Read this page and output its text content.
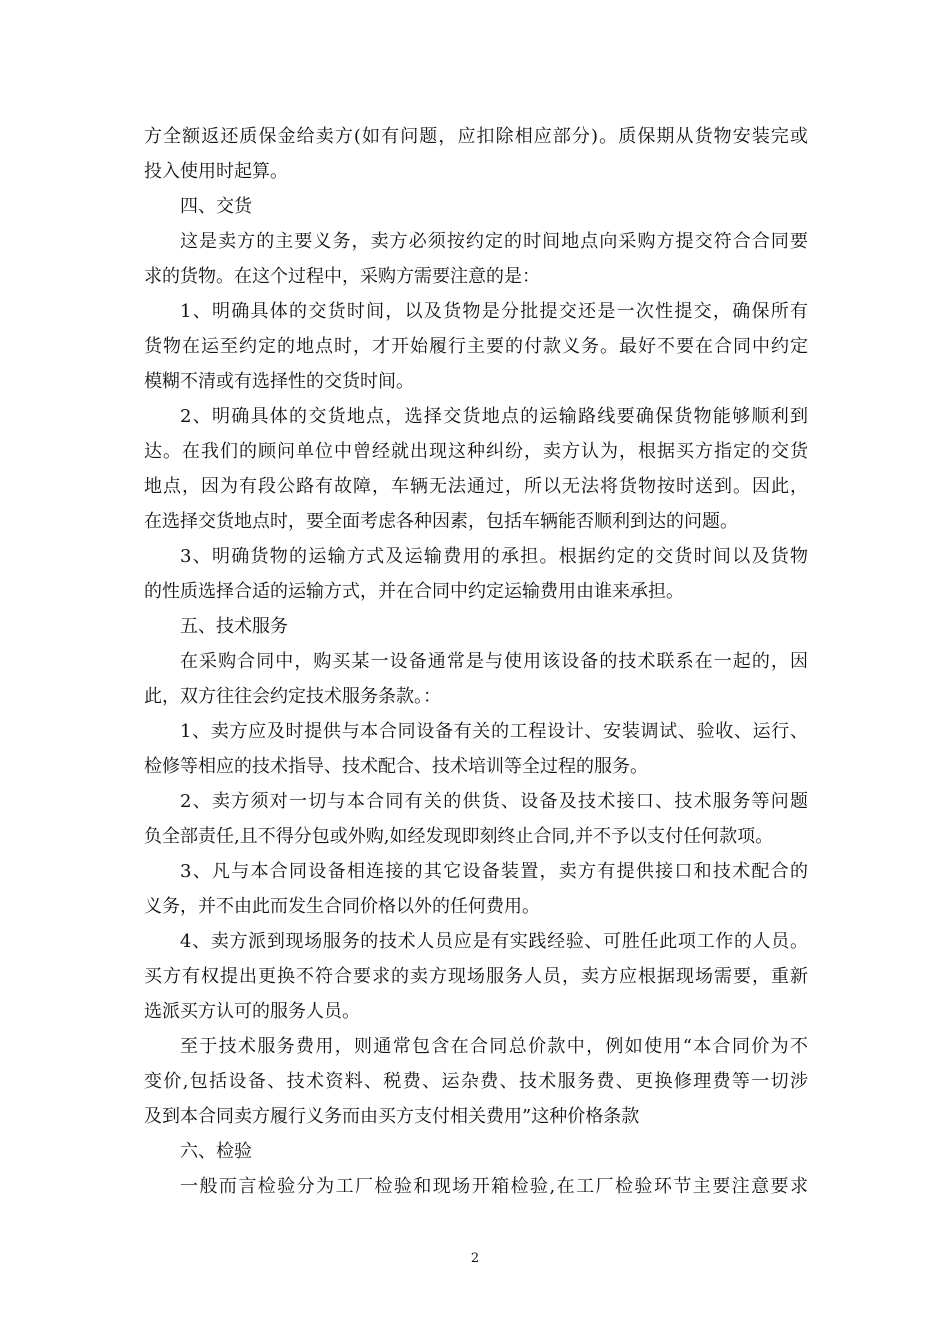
方全额返还质保金给卖方(如有问题，应扣除相应部分)。质保期从货物安装完或
投入使用时起算。
四、交货
这是卖方的主要义务，卖方必须按约定的时间地点向采购方提交符合合同要
求的货物。在这个过程中，采购方需要注意的是：
1、明确具体的交货时间，以及货物是分批提交还是一次性提交，确保所有
货物在运至约定的地点时，才开始履行主要的付款义务。最好不要在合同中约定
模糊不清或有选择性的交货时间。
2、明确具体的交货地点，选择交货地点的运输路线要确保货物能够顺利到
达。在我们的顾问单位中曾经就出现这种纠纷，卖方认为，根据买方指定的交货
地点，因为有段公路有故障，车辆无法通过，所以无法将货物按时送到。因此，
在选择交货地点时，要全面考虑各种因素，包括车辆能否顺利到达的问题。
3、明确货物的运输方式及运输费用的承担。根据约定的交货时间以及货物
的性质选择合适的运输方式，并在合同中约定运输费用由谁来承担。
五、技术服务
在采购合同中，购买某一设备通常是与使用该设备的技术联系在一起的，因
此，双方往往会约定技术服务条款。：
1、卖方应及时提供与本合同设备有关的工程设计、安装调试、验收、运行、
检修等相应的技术指导、技术配合、技术培训等全过程的服务。
2、卖方须对一切与本合同有关的供货、设备及技术接口、技术服务等问题
负全部责任,且不得分包或外购,如经发现即刻终止合同,并不予以支付任何款项。
3、凡与本合同设备相连接的其它设备装置，卖方有提供接口和技术配合的
义务，并不由此而发生合同价格以外的任何费用。
4、卖方派到现场服务的技术人员应是有实践经验、可胜任此项工作的人员。
买方有权提出更换不符合要求的卖方现场服务人员，卖方应根据现场需要，重新
选派买方认可的服务人员。
至于技术服务费用，则通常包含在合同总价款中，例如使用“本合同价为不
变价,包括设备、技术资料、税费、运杂费、技术服务费、更换修理费等一切涉
及到本合同卖方履行义务而由买方支付相关费用”这种价格条款
六、检验
一般而言检验分为工厂检验和现场开箱检验,在工厂检验环节主要注意要求
2
